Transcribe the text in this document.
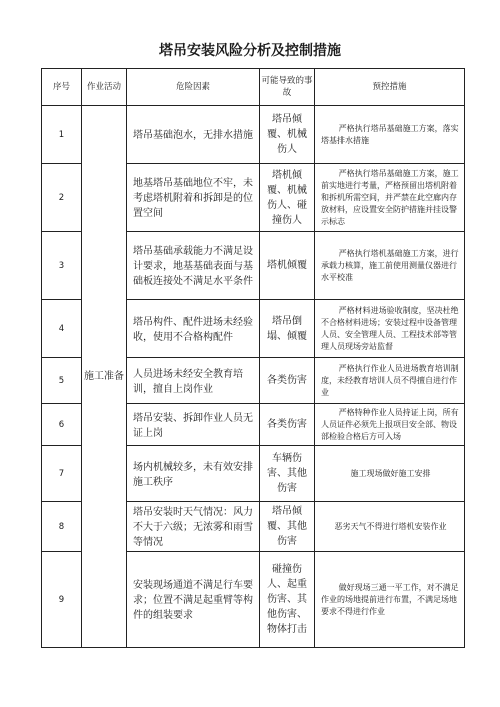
塔吊安装风险分析及控制措施
序号	作业活动	危险因素	可能导致的事故	预控措施
1	施工准备	塔吊基础泡水，无排水措施	塔吊倾覆、机械伤人	严格执行塔吊基础施工方案，落实塔基排水措施
2		地基塔吊基础地位不牢，未考虑塔机附着和拆卸是的位置空间	塔机倾覆、机械伤人、碰撞伤人	严格执行塔吊基础施工方案，施工前实地进行考量，严格预留出塔机附着和拆机所需空间，并严禁在此空廊内存放材料，应设置安全防护措施并挂设警示标志
3		塔吊基础承载能力不满足设计要求，地基基础表面与基础板连接处不满足水平条件	塔机倾覆	严格执行塔机基础施工方案，进行承载力核算，施工前使用测量仪器进行水平校准
4		塔吊构件、配件进场未经验收，使用不合格构配件	塔吊倒塌、倾覆	严格材料进场验收制度，坚决杜绝不合格材料进场；安装过程中设备管理人员、安全管理人员、工程技术部等管理人员现场旁站监督
5		人员进场未经安全教育培训，擅自上岗作业	各类伤害	严格执行作业人员进场教育培训制度，未经教育培训人员不得擅自进行作业
6		塔吊安装、拆卸作业人员无证上岗	各类伤害	严格特种作业人员持证上岗，所有人员证件必须先上报项目安全部、物设部检验合格后方可入场
7		场内机械较多，未有效安排施工秩序	车辆伤害、其他伤害	施工现场做好施工安排
8		塔吊安装时天气情况：风力不大于六级；无浓雾和雨雪等情况	塔吊倾覆、其他伤害	恶劣天气不得进行塔机安装作业
9		安装现场通道不满足行车要求；位置不满足起重臂等构件的组装要求	碰撞伤人、起重伤害、其他伤害、物体打击	做好现场三通一平工作，对不满足作业的场地提前进行布置，不满足场地要求不得进行作业
